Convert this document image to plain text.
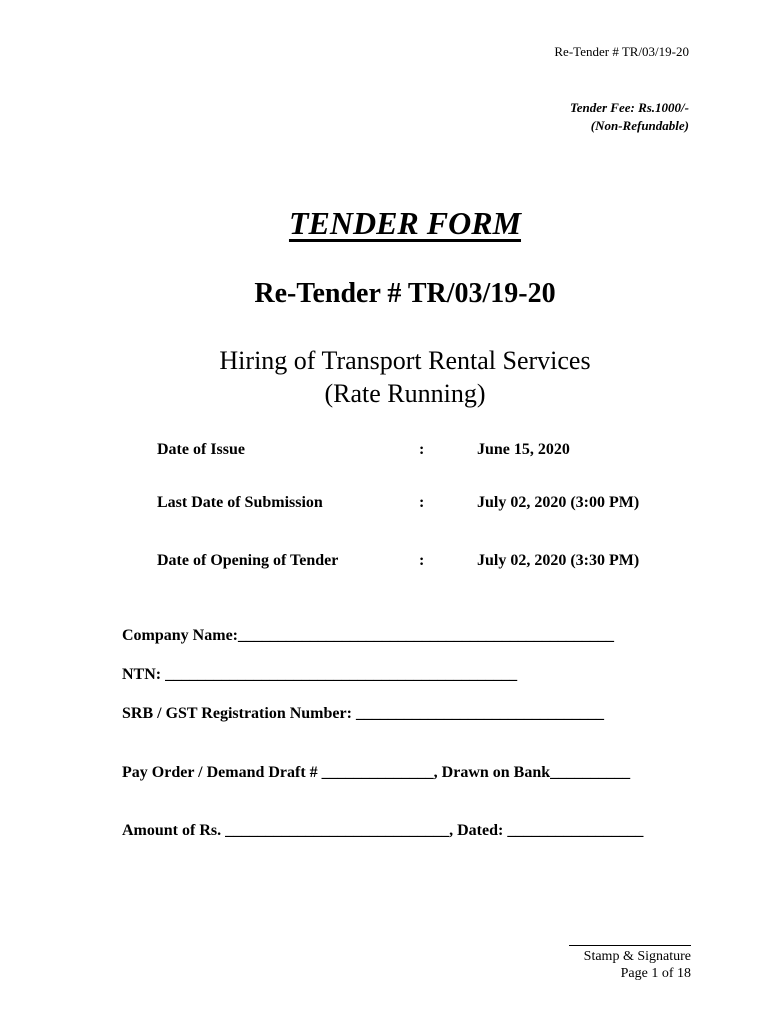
Re-Tender # TR/03/19-20
Tender Fee: Rs.1000/-
(Non-Refundable)
TENDER FORM
Re-Tender # TR/03/19-20
Hiring of Transport Rental Services
(Rate Running)
Date of Issue	:	June 15, 2020
Last Date of Submission	:	July 02, 2020 (3:00 PM)
Date of Opening of Tender	:	July 02, 2020 (3:30 PM)
Company Name:_______________________________________________
NTN: ____________________________________________
SRB / GST Registration Number: _______________________________
Pay Order / Demand Draft # ______________, Drawn on Bank__________
Amount of Rs. ____________________________, Dated: _________________
Stamp & Signature
Page 1 of 18
